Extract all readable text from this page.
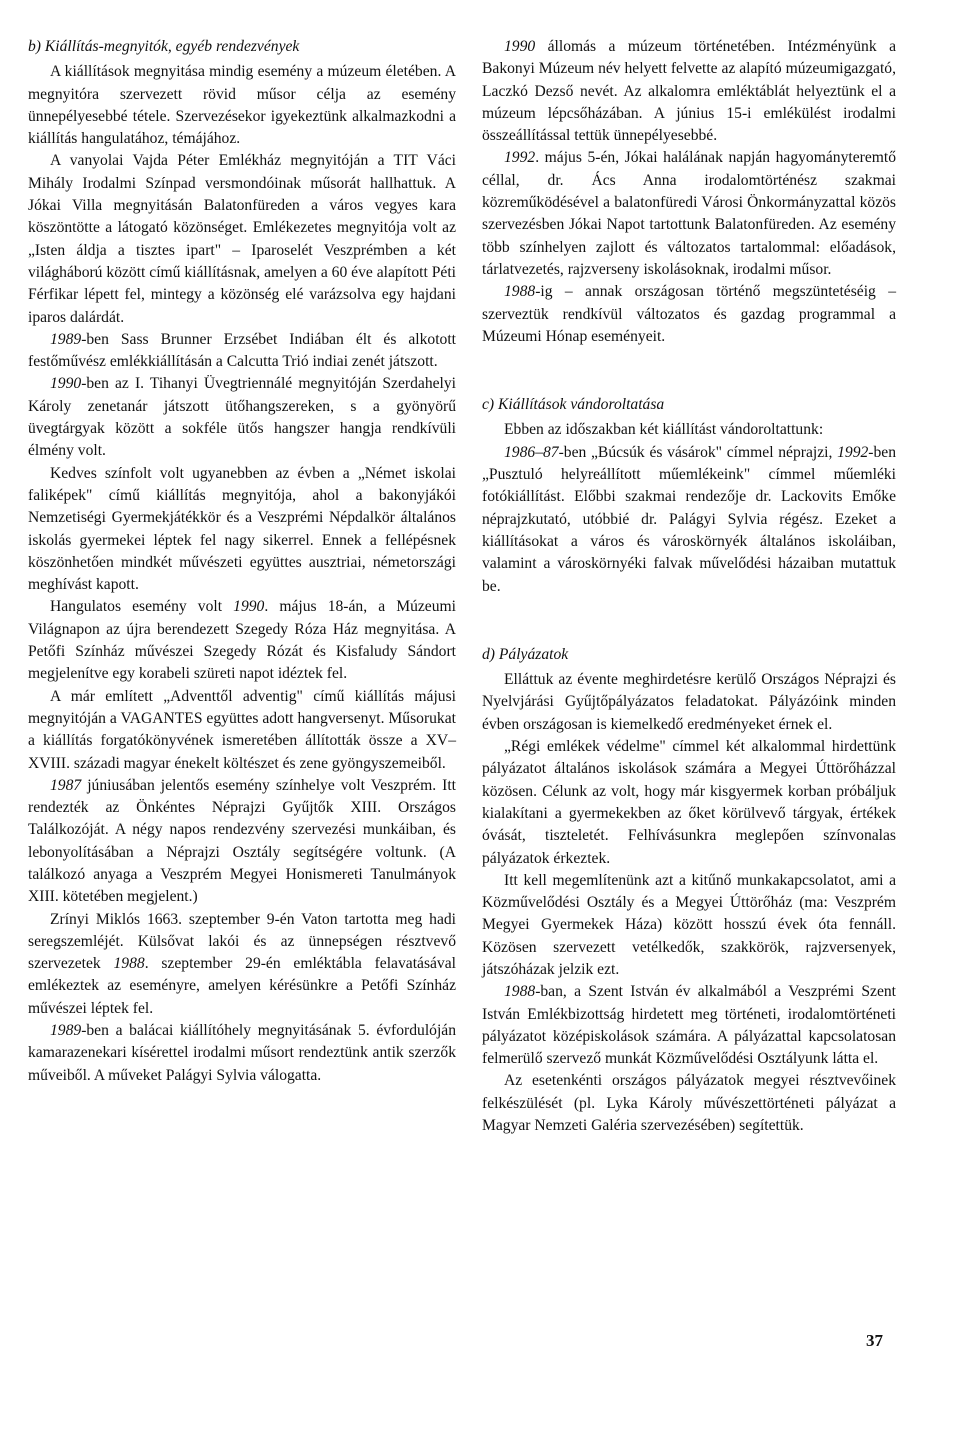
b) Kiállítás-megnyitók, egyéb rendezvények

A kiállítások megnyitása mindig esemény a múzeum életében. A megnyitóra szervezett rövid műsor célja az esemény ünnepélyesebbé tétele. Szervezésekor igyekeztünk alkalmazkodni a kiállítás hangulatához, témájához.

A vanyolai Vajda Péter Emlékház megnyitóján a TIT Váci Mihály Irodalmi Színpad versmondóinak műsorát hallhattuk. A Jókai Villa megnyitásán Balatonfüreden a város vegyes kara köszöntötte a látogató közönséget. Emlékezetes megnyitója volt az „Isten áldja a tisztes ipart" – Iparoselét Veszprémben a két világháború között című kiállításnak, amelyen a 60 éve alapított Péti Férfikar lépett fel, mintegy a közönség elé varázsolva egy hajdani iparos dalárdát.

1989-ben Sass Brunner Erzsébet Indiában élt és alkotott festőművész emlékkiállításán a Calcutta Trió indiai zenét játszott.

1990-ben az I. Tihanyi Üvegtriennálé megnyitóján Szerdahelyi Károly zenetanár játszott ütőhangszereken, s a gyönyörű üvegtárgyak között a sokféle ütős hangszer hangja rendkívüli élmény volt.

Kedves színfolt volt ugyanebben az évben a „Német iskolai faliképek" című kiállítás megnyitója, ahol a bakonyjákói Nemzetiségi Gyermekjátékkör és a Veszprémi Népdalkör általános iskolás gyermekei léptek fel nagy sikerrel. Ennek a fellépésnek köszönhetően mindkét művészeti együttes ausztriai, németországi meghívást kapott.

Hangulatos esemény volt 1990. május 18-án, a Múzeumi Világnapon az újra berendezett Szegedy Róza Ház megnyitása. A Petőfi Színház művészei Szegedy Rózát és Kisfaludy Sándort megjelenítve egy korabeli szüreti napot idéztek fel.

A már említett „Adventtől adventig" című kiállítás májusi megnyitóján a VAGANTES együttes adott hangversenyt. Műsorukat a kiállítás forgatókönyvének ismeretében állították össze a XV–XVIII. századi magyar énekelt költészet és zene gyöngyszemeiből.

1987 júniusában jelentős esemény színhelye volt Veszprém. Itt rendezték az Önkéntes Néprajzi Gyűjtők XIII. Országos Találkozóját. A négy napos rendezvény szervezési munkáiban, és lebonyolításában a Néprajzi Osztály segítségére voltunk. (A találkozó anyaga a Veszprém Megyei Honismereti Tanulmányok XIII. kötetében megjelent.)

Zrínyi Miklós 1663. szeptember 9-én Vaton tartotta meg hadi seregszemléjét. Külsővat lakói és az ünnepségen résztvevő szervezetek 1988. szeptember 29-én emléktábla felavatásával emlékeztek az eseményre, amelyen kérésünkre a Petőfi Színház művészei léptek fel.

1989-ben a balácai kiállítóhely megnyitásának 5. évfordulóján kamarazenekari kísérettel irodalmi műsort rendeztünk antik szerzők műveiből. A műveket Palágyi Sylvia válogatta.

1990 állomás a múzeum történetében. Intézményünk a Bakonyi Múzeum név helyett felvette az alapító múzeumigazgató, Laczkó Dezső nevét. Az alkalomra emléktáblát helyeztünk el a múzeum lépcsőházában. A június 15-i emlékülést irodalmi összeállítással tettük ünnepélyesebbé.

1992. május 5-én, Jókai halálának napján hagyományteremtő céllal, dr. Ács Anna irodalomtörténész szakmai közreműködésével a balatonfüredi Városi Önkormányzattal közös szervezésben Jókai Napot tartottunk Balatonfüreden. Az esemény több színhelyen zajlott és változatos tartalommal: előadások, tárlatvezetés, rajzverseny iskolásoknak, irodalmi műsor.

1988-ig – annak országosan történő megszüntetéséig – szerveztük rendkívül változatos és gazdag programmal a Múzeumi Hónap eseményeit.

c) Kiállítások vándoroltatása

Ebben az időszakban két kiállítást vándoroltattunk:

1986–87-ben „Búcsúk és vásárok" címmel néprajzi, 1992-ben „Pusztuló helyreállított műemlékeink" címmel műemléki fotókiállítást. Előbbi szakmai rendezője dr. Lackovits Emőke néprajzkutató, utóbbié dr. Palágyi Sylvia régész. Ezeket a kiállításokat a város és városkörnyék általános iskoláiban, valamint a városkörnyéki falvak művelődési házaiban mutattuk be.

d) Pályázatok

Elláttuk az évente meghirdetésre kerülő Országos Néprajzi és Nyelvjárási Gyűjtőpályázatos feladatokat. Pályázóink minden évben országosan is kiemelkedő eredményeket érnek el.

„Régi emlékek védelme" címmel két alkalommal hirdettünk pályázatot általános iskolások számára a Megyei Úttörőházzal közösen. Célunk az volt, hogy már kisgyermek korban próbáljuk kialakítani a gyermekekben az őket körülvevő tárgyak, értékek óvását, tiszteletét. Felhívásunkra meglepően színvonalas pályázatok érkeztek.

Itt kell megemlítenünk azt a kitűnő munkakapcsolatot, ami a Közművelődési Osztály és a Megyei Úttörőház (ma: Veszprém Megyei Gyermekek Háza) között hosszú évek óta fennáll. Közösen szervezett vetélkedők, szakkörök, rajzversenyek, játszóházak jelzik ezt.

1988-ban, a Szent István év alkalmából a Veszprémi Szent István Emlékbizottság hirdetett meg történeti, irodalomtörténeti pályázatot középiskolások számára. A pályázattal kapcsolatosan felmerülő szervező munkát Közművelődési Osztályunk látta el.

Az esetenkénti országos pályázatok megyei résztvevőinek felkészülését (pl. Lyka Károly művészettörténeti pályázat a Magyar Nemzeti Galéria szervezésében) segítettük.

37
